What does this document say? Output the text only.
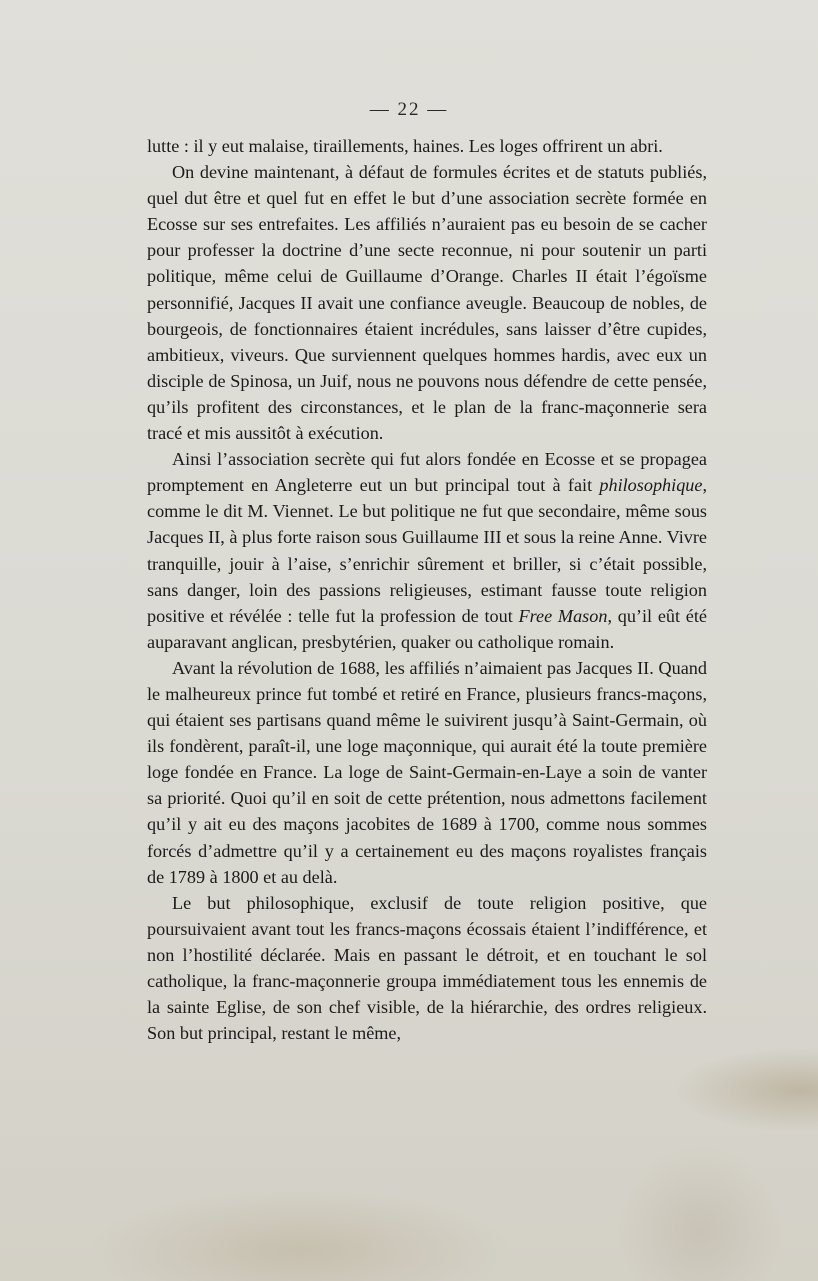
— 22 —

lutte : il y eut malaise, tiraillements, haines. Les loges offrirent un abri.

On devine maintenant, à défaut de formules écrites et de statuts publiés, quel dut être et quel fut en effet le but d’une association secrète formée en Ecosse sur ses entrefaites. Les affiliés n’auraient pas eu besoin de se cacher pour professer la doctrine d’une secte reconnue, ni pour soutenir un parti politique, même celui de Guillaume d’Orange. Charles II était l’égoïsme personnifié, Jacques II avait une confiance aveugle. Beaucoup de nobles, de bourgeois, de fonctionnaires étaient incrédules, sans laisser d’être cupides, ambitieux, viveurs. Que surviennent quelques hommes hardis, avec eux un disciple de Spinosa, un Juif, nous ne pouvons nous défendre de cette pensée, qu’ils profitent des circonstances, et le plan de la franc-maçonnerie sera tracé et mis aussitôt à exécution.

Ainsi l’association secrète qui fut alors fondée en Ecosse et se propagea promptement en Angleterre eut un but principal tout à fait philosophique, comme le dit M. Viennet. Le but politique ne fut que secondaire, même sous Jacques II, à plus forte raison sous Guillaume III et sous la reine Anne. Vivre tranquille, jouir à l’aise, s’enrichir sûrement et briller, si c’était possible, sans danger, loin des passions religieuses, estimant fausse toute religion positive et révélée : telle fut la profession de tout Free Mason, qu’il eût été auparavant anglican, presbytérien, quaker ou catholique romain.

Avant la révolution de 1688, les affiliés n’aimaient pas Jacques II. Quand le malheureux prince fut tombé et retiré en France, plusieurs francs-maçons, qui étaient ses partisans quand même le suivirent jusqu’à Saint-Germain, où ils fondèrent, paraît-il, une loge maçonnique, qui aurait été la toute première loge fondée en France. La loge de Saint-Germain-en-Laye a soin de vanter sa priorité. Quoi qu’il en soit de cette prétention, nous admettons facilement qu’il y ait eu des maçons jacobites de 1689 à 1700, comme nous sommes forcés d’admettre qu’il y a certainement eu des maçons royalistes français de 1789 à 1800 et au delà.

Le but philosophique, exclusif de toute religion positive, que poursuivaient avant tout les francs-maçons écossais étaient l’indifférence, et non l’hostilité déclarée. Mais en passant le détroit, et en touchant le sol catholique, la franc-maçonnerie groupa immédiatement tous les ennemis de la sainte Eglise, de son chef visible, de la hiérarchie, des ordres religieux. Son but principal, restant le même,
